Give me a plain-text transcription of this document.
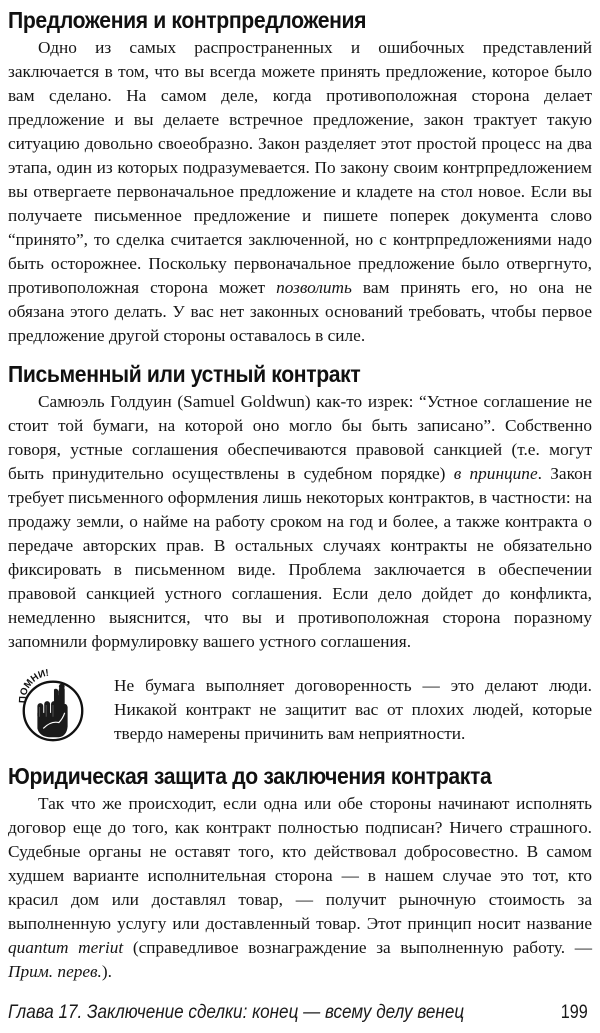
Предложения и контрпредложения

Одно из самых распространенных и ошибочных представлений заключается в том, что вы всегда можете принять предложение, которое было вам сделано. На самом деле, когда противоположная сторона делает предложение и вы делаете встречное предложение, закон трактует такую ситуацию довольно своеобразно. Закон разделяет этот простой процесс на два этапа, один из которых подразумевается. По закону своим контрпредложением вы отвергаете первоначальное предложение и кладете на стол новое. Если вы получаете письменное предложение и пишете поперек документа слово “принято”, то сделка считается заключенной, но с контрпредложениями надо быть осторожнее. Поскольку первоначальное предложение было отвергнуто, противоположная сторона может позволить вам принять его, но она не обязана этого делать. У вас нет законных оснований требовать, чтобы первое предложение другой стороны оставалось в силе.

Письменный или устный контракт

Самюэль Голдуин (Samuel Goldwun) как-то изрек: “Устное соглашение не стоит той бумаги, на которой оно могло бы быть записано”. Собственно говоря, устные соглашения обеспечиваются правовой санкцией (т.е. могут быть принудительно осуществлены в судебном порядке) в принципе. Закон требует письменного оформления лишь некоторых контрактов, в частности: на продажу земли, о найме на работу сроком на год и более, а также контракта о передаче авторских прав. В остальных случаях контракты не обязательно фиксировать в письменном виде. Проблема заключается в обеспечении правовой санкцией устного соглашения. Если дело дойдет до конфликта, немедленно выяснится, что вы и противоположная сторона поразному запомнили формулировку вашего устного соглашения.

ПОМНИ!
Не бумага выполняет договоренность — это делают люди. Никакой контракт не защитит вас от плохих людей, которые твердо намерены причинить вам неприятности.
Юридическая защита до заключения контракта

Так что же происходит, если одна или обе стороны начинают исполнять договор еще до того, как контракт полностью подписан? Ничего страшного. Судебные органы не оставят того, кто действовал добросовестно. В самом худшем варианте исполнительная сторона — в нашем случае это тот, кто красил дом или доставлял товар, — получит рыночную стоимость за выполненную услугу или доставленный товар. Этот принцип носит название quantum meriut (справедливое вознаграждение за выполненную работу. — Прим. перев.).

Глава 17. Заключение сделки: конец — всему делу венец	199
